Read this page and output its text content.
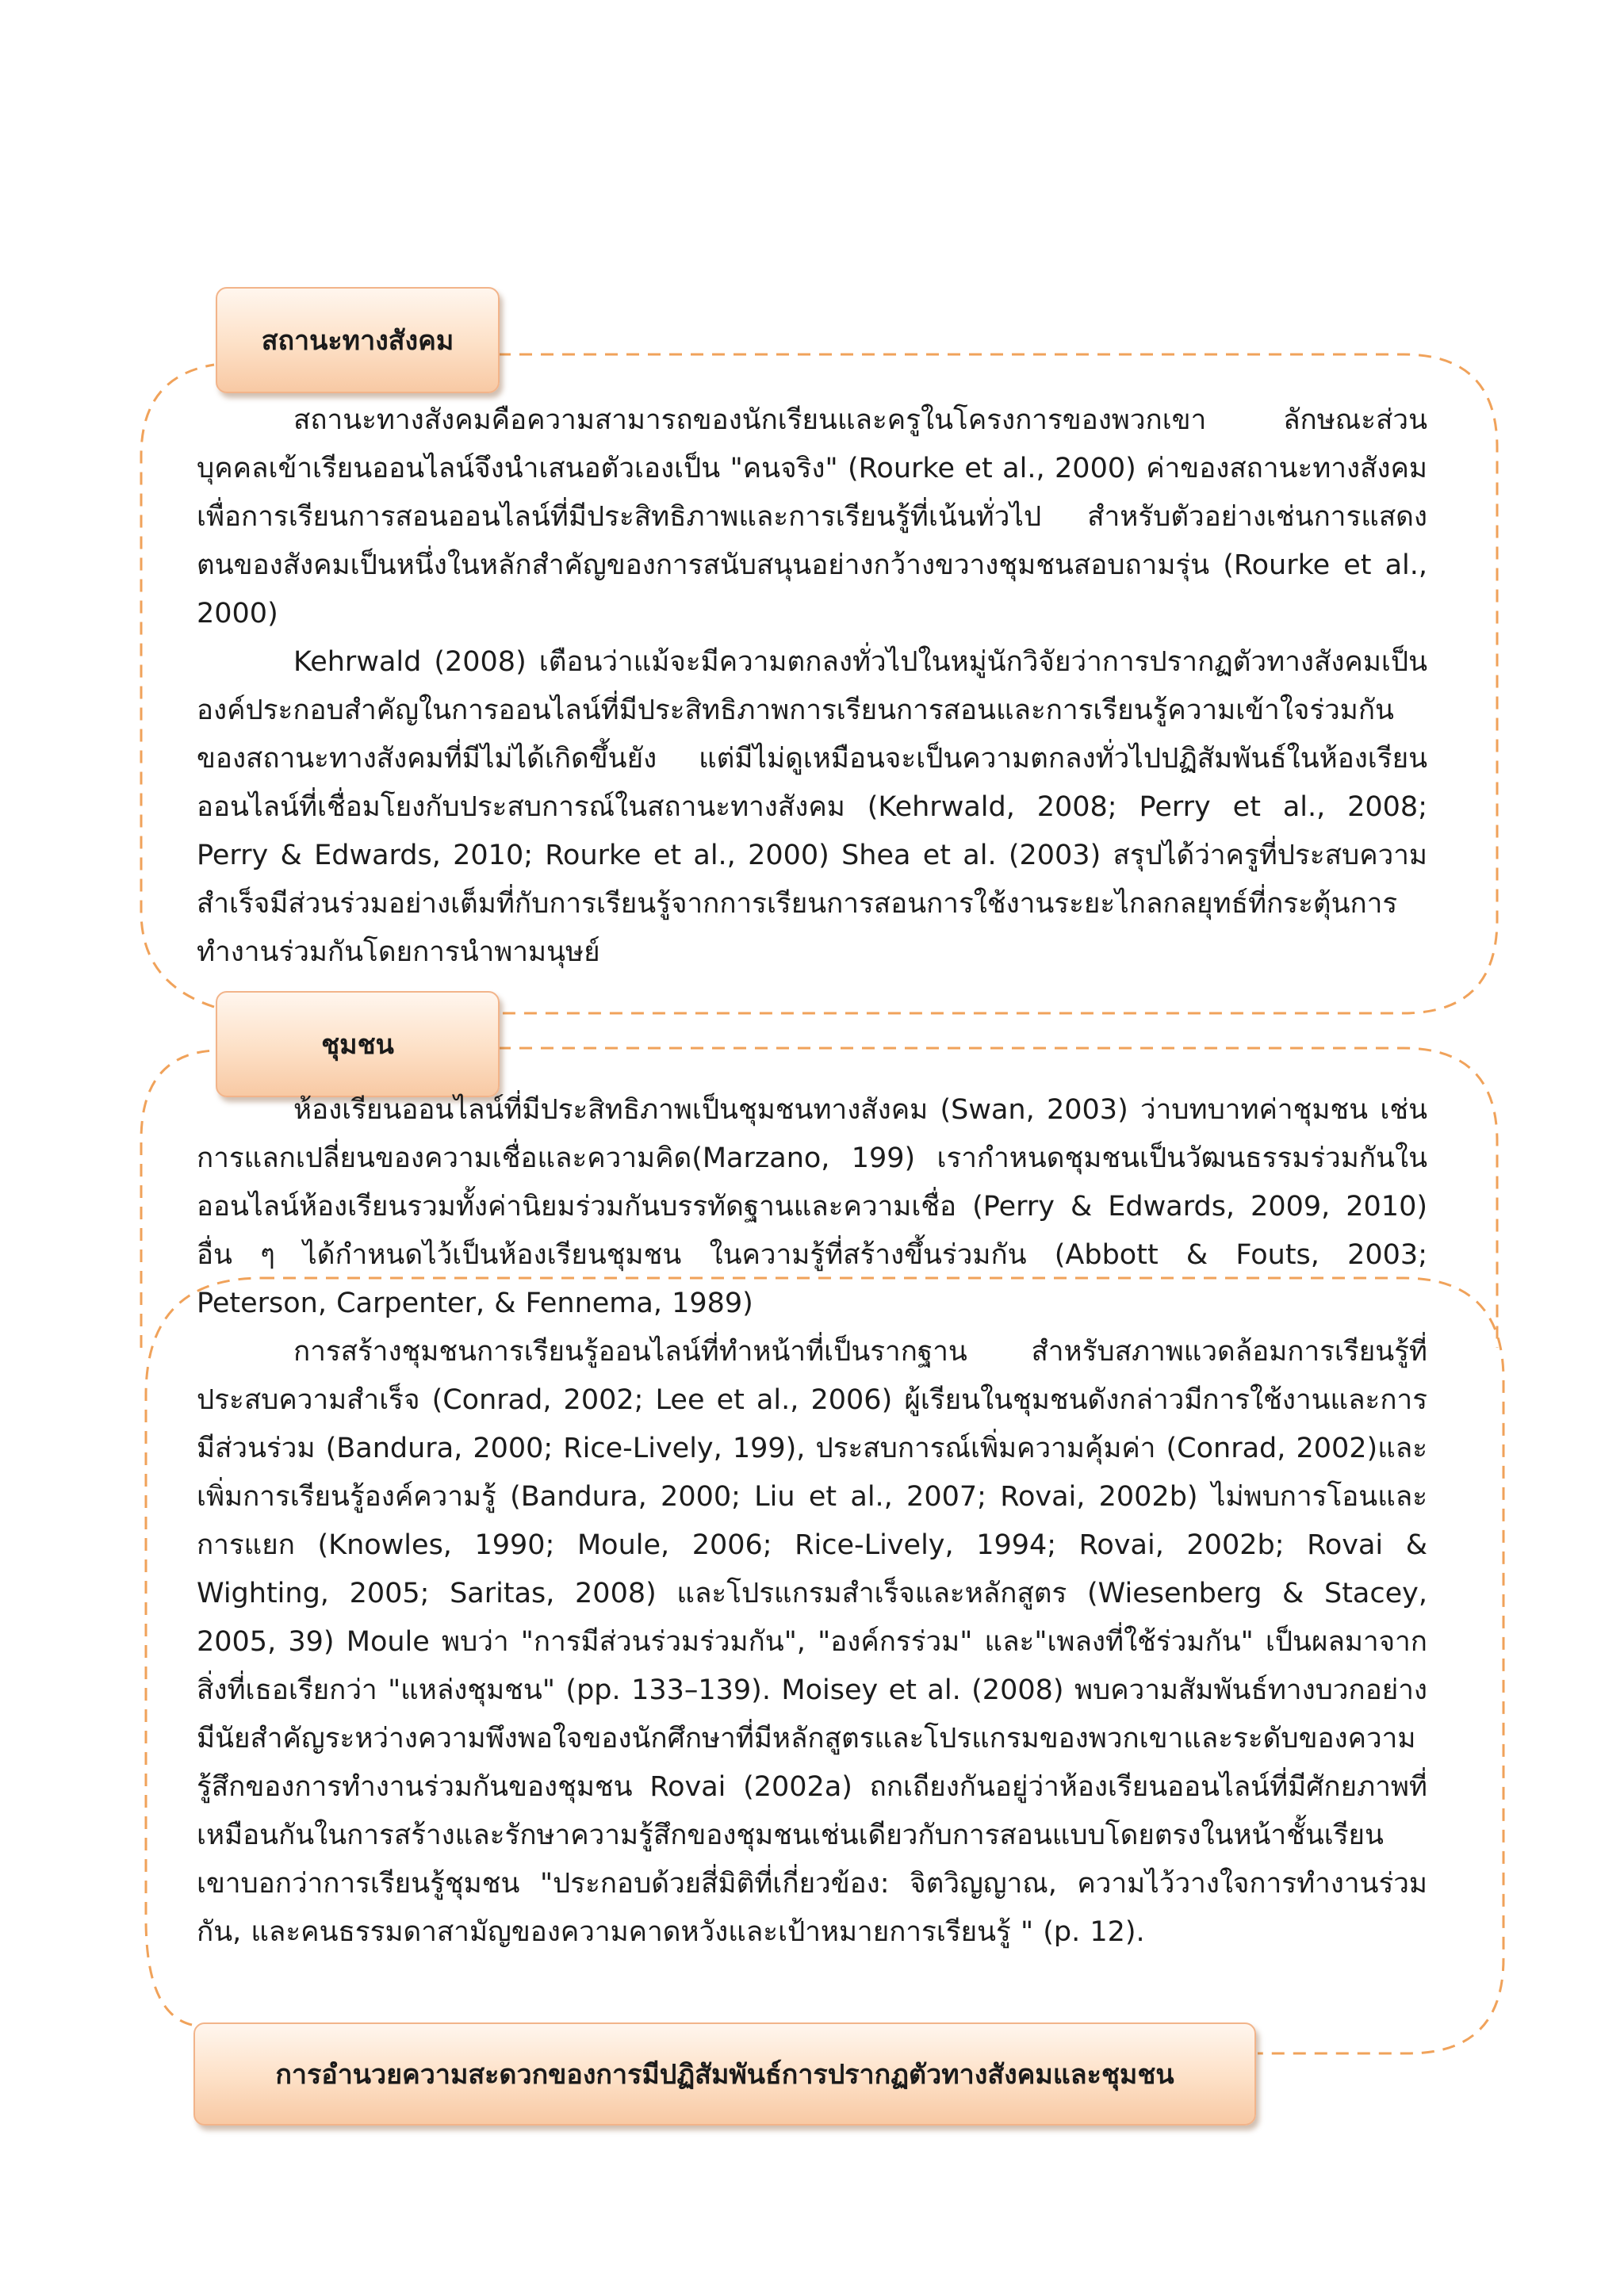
สถานะทางสังคม

สถานะทางสังคมคือความสามารถของนักเรียนและครูในโครงการของพวกเขา ลักษณะส่วนบุคคลเข้าเรียนออนไลน์จึงนำเสนอตัวเองเป็น "คนจริง" (Rourke et al., 2000) ค่าของสถานะทางสังคมเพื่อการเรียนการสอนออนไลน์ที่มีประสิทธิภาพและการเรียนรู้ที่เน้นทั่วไป สำหรับตัวอย่างเช่นการแสดงตนของสังคมเป็นหนึ่งในหลักสำคัญของการสนับสนุนอย่างกว้างขวางชุมชนสอบถามรุ่น (Rourke et al., 2000)

Kehrwald (2008) เตือนว่าแม้จะมีความตกลงทั่วไปในหมู่นักวิจัยว่าการปรากฏตัวทางสังคมเป็นองค์ประกอบสำคัญในการออนไลน์ที่มีประสิทธิภาพการเรียนการสอนและการเรียนรู้ความเข้าใจร่วมกันของสถานะทางสังคมที่มีไม่ได้เกิดขึ้นยัง แต่มีไม่ดูเหมือนจะเป็นความตกลงทั่วไปปฏิสัมพันธ์ในห้องเรียนออนไลน์ที่เชื่อมโยงกับประสบการณ์ในสถานะทางสังคม (Kehrwald, 2008; Perry et al., 2008; Perry & Edwards, 2010; Rourke et al., 2000) Shea et al. (2003) สรุปได้ว่าครูที่ประสบความสำเร็จมีส่วนร่วมอย่างเต็มที่กับการเรียนรู้จากการเรียนการสอนการใช้งานระยะไกลกลยุทธ์ที่กระตุ้นการทำงานร่วมกันโดยการนำพามนุษย์

ชุมชน

ห้องเรียนออนไลน์ที่มีประสิทธิภาพเป็นชุมชนทางสังคม (Swan, 2003) ว่าบทบาทค่าชุมชน เช่นการแลกเปลี่ยนของความเชื่อและความคิด(Marzano, 199) เรากำหนดชุมชนเป็นวัฒนธรรมร่วมกันในออนไลน์ห้องเรียนรวมทั้งค่านิยมร่วมกันบรรทัดฐานและความเชื่อ (Perry & Edwards, 2009, 2010) อื่น ๆ ได้กำหนดไว้เป็นห้องเรียนชุมชน ในความรู้ที่สร้างขึ้นร่วมกัน (Abbott & Fouts, 2003; Peterson, Carpenter, & Fennema, 1989)

การสร้างชุมชนการเรียนรู้ออนไลน์ที่ทำหน้าที่เป็นรากฐาน สำหรับสภาพแวดล้อมการเรียนรู้ที่ประสบความสำเร็จ (Conrad, 2002; Lee et al., 2006) ผู้เรียนในชุมชนดังกล่าวมีการใช้งานและการมีส่วนร่วม (Bandura, 2000; Rice-Lively, 199), ประสบการณ์เพิ่มความคุ้มค่า (Conrad, 2002)และเพิ่มการเรียนรู้องค์ความรู้ (Bandura, 2000; Liu et al., 2007; Rovai, 2002b) ไม่พบการโอนและการแยก (Knowles, 1990; Moule, 2006; Rice-Lively, 1994; Rovai, 2002b; Rovai & Wighting, 2005; Saritas, 2008) และโปรแกรมสำเร็จและหลักสูตร (Wiesenberg & Stacey, 2005, 39) Moule พบว่า "การมีส่วนร่วมร่วมกัน", "องค์กรร่วม" และ"เพลงที่ใช้ร่วมกัน" เป็นผลมาจากสิ่งที่เธอเรียกว่า "แหล่งชุมชน" (pp. 133–139). Moisey et al. (2008) พบความสัมพันธ์ทางบวกอย่างมีนัยสำคัญระหว่างความพึงพอใจของนักศึกษาที่มีหลักสูตรและโปรแกรมของพวกเขาและระดับของความรู้สึกของการทำงานร่วมกันของชุมชน Rovai (2002a) ถกเถียงกันอยู่ว่าห้องเรียนออนไลน์ที่มีศักยภาพที่เหมือนกันในการสร้างและรักษาความรู้สึกของชุมชนเช่นเดียวกับการสอนแบบโดยตรงในหน้าชั้นเรียน เขาบอกว่าการเรียนรู้ชุมชน "ประกอบด้วยสี่มิติที่เกี่ยวข้อง: จิตวิญญาณ, ความไว้วางใจการทำงานร่วมกัน, และคนธรรมดาสามัญของความคาดหวังและเป้าหมายการเรียนรู้ " (p. 12).

การอำนวยความสะดวกของการมีปฏิสัมพันธ์การปรากฏตัวทางสังคมและชุมชน
